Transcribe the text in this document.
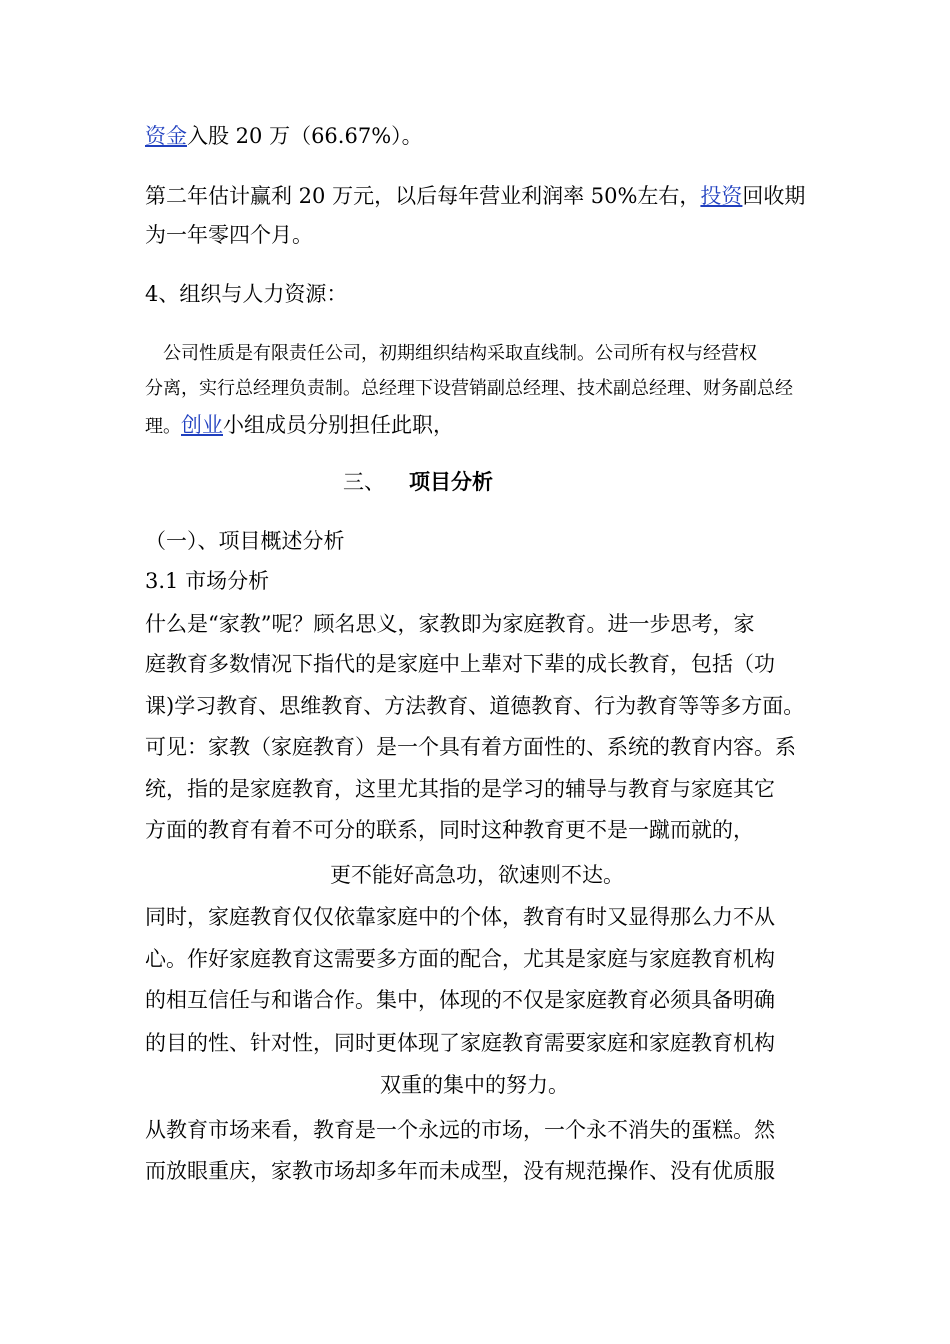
资金入股 20 万（66.67%）。
第二年估计赢利 20 万元，以后每年营业利润率 50%左右，投资回收期
为一年零四个月。
4、组织与人力资源：
　公司性质是有限责任公司，初期组织结构采取直线制。公司所有权与经营权
分离，实行总经理负责制。总经理下设营销副总经理、技术副总经理、财务副总经
理。创业小组成员分别担任此职，
三、 项目分析
（一）、项目概述分析
3.1 市场分析
什么是“家教”呢？顾名思义，家教即为家庭教育。进一步思考，家
庭教育多数情况下指代的是家庭中上辈对下辈的成长教育，包括（功
课)学习教育、思维教育、方法教育、道德教育、行为教育等等多方面。
可见：家教（家庭教育）是一个具有着方面性的、系统的教育内容。系
统，指的是家庭教育，这里尤其指的是学习的辅导与教育与家庭其它
方面的教育有着不可分的联系，同时这种教育更不是一蹴而就的，
更不能好高急功，欲速则不达。
同时，家庭教育仅仅依靠家庭中的个体，教育有时又显得那么力不从
心。作好家庭教育这需要多方面的配合，尤其是家庭与家庭教育机构
的相互信任与和谐合作。集中，体现的不仅是家庭教育必须具备明确
的目的性、针对性，同时更体现了家庭教育需要家庭和家庭教育机构
双重的集中的努力。
从教育市场来看，教育是一个永远的市场，一个永不消失的蛋糕。然
而放眼重庆，家教市场却多年而未成型，没有规范操作、没有优质服
